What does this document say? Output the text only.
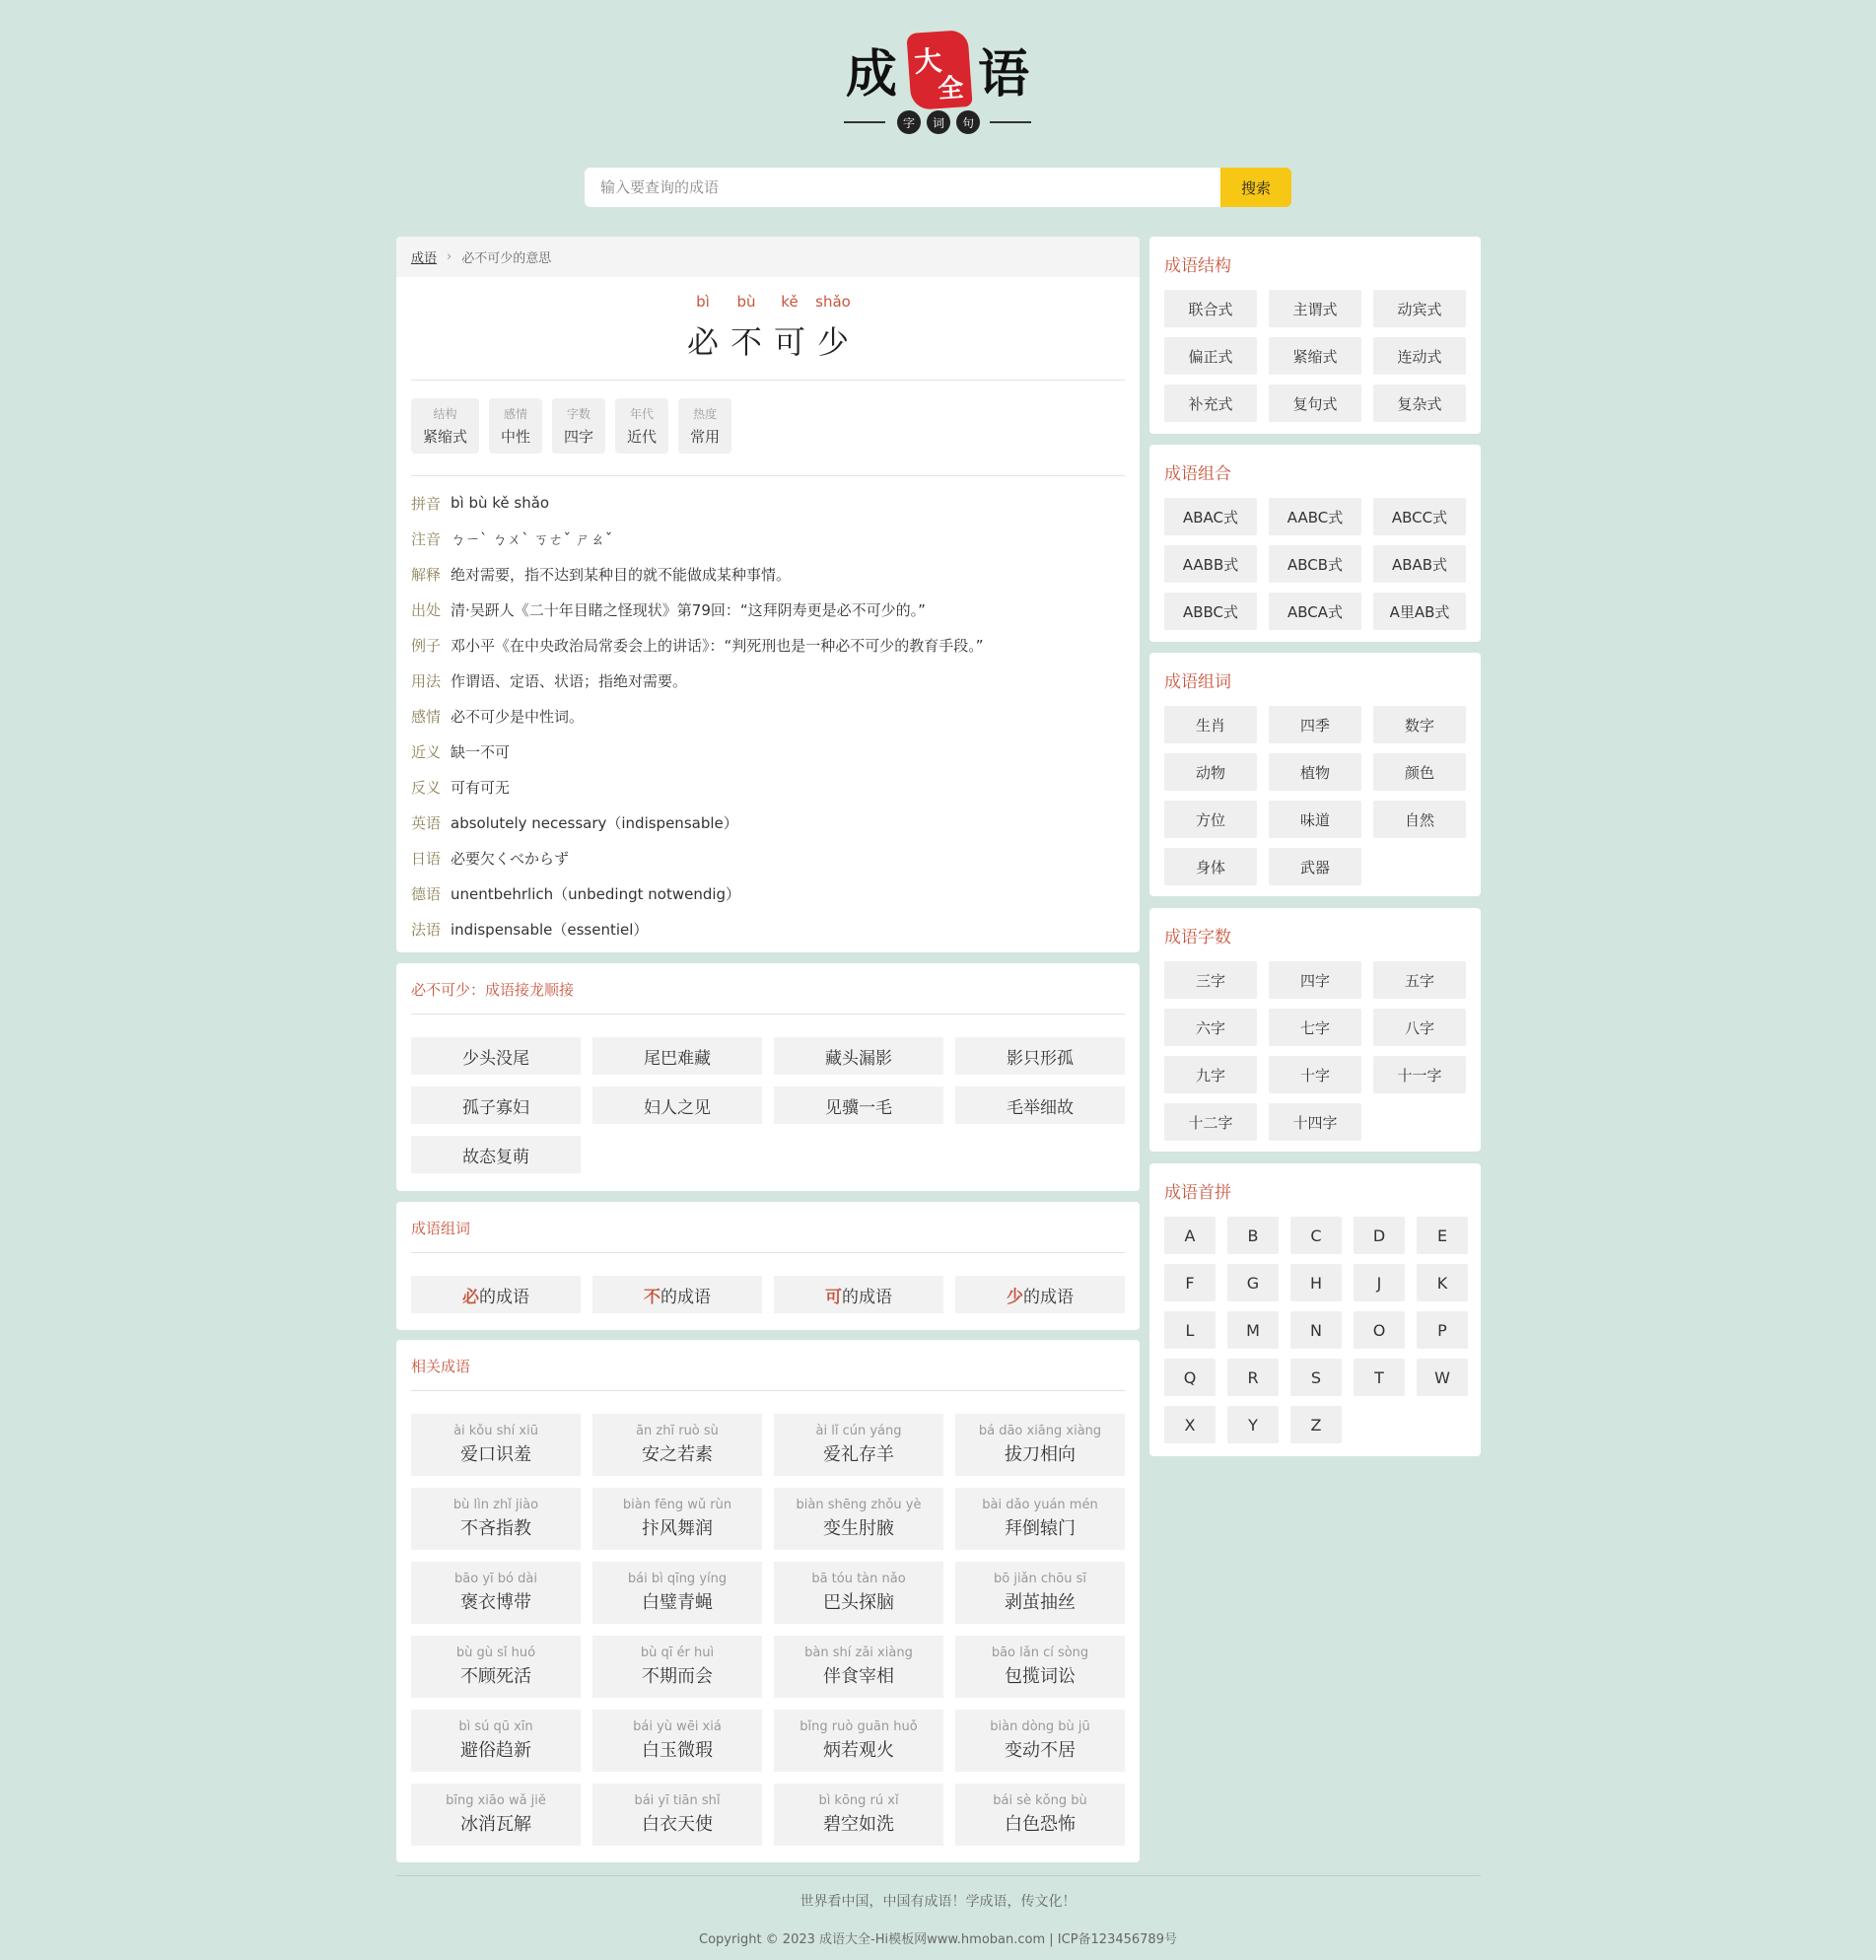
成 大
全 语
字	词	句
输入要查询的成语
搜索
成语 › 必不可少的意思
bì	bù	kě	shǎo
必 不 可 少
结构
紧缩式
感情
中性
字数
四字
年代
近代
热度
常用
拼音 bì bù kě shǎo
注音 ㄅㄧˋ ㄅㄨˋ ㄎㄜˇ ㄕㄠˇ
解释 绝对需要，指不达到某种目的就不能做成某种事情。
出处 清·吴趼人《二十年目睹之怪现状》第79回：“这拜阴寿更是必不可少的。”
例子 邓小平《在中央政治局常委会上的讲话》：“判死刑也是一种必不可少的教育手段。”
用法 作谓语、定语、状语；指绝对需要。
感情 必不可少是中性词。
近义 缺一不可
反义 可有可无
英语 absolutely necessary（indispensable）
日语 必要欠くべからず
德语 unentbehrlich（unbedingt notwendig）
法语 indispensable（essentiel）
必不可少：成语接龙顺接
少头没尾	尾巴难藏	藏头漏影	影只形孤
孤子寡妇	妇人之见	见骥一毛	毛举细故
故态复萌
成语组词
必 的成语	不 的成语	可 的成语	少 的成语
相关成语
ài kǒu shí xiū
爱口识羞
ān zhī ruò sù
安之若素
ài lǐ cún yáng
爱礼存羊
bá dāo xiāng xiàng
拔刀相向
bù lìn zhǐ jiào
不吝指教
biàn fēng wǔ rùn
抃风舞润
biàn shēng zhǒu yè
变生肘腋
bài dǎo yuán mén
拜倒辕门
bāo yī bó dài
褒衣博带
bái bì qīng yíng
白璧青蝇
bā tóu tàn nǎo
巴头探脑
bō jiǎn chōu sī
剥茧抽丝
bù gù sǐ huó
不顾死活
bù qī ér huì
不期而会
bàn shí zǎi xiàng
伴食宰相
bāo lǎn cí sòng
包揽词讼
bì sú qū xīn
避俗趋新
bái yù wēi xiá
白玉微瑕
bǐng ruò guān huǒ
炳若观火
biàn dòng bù jū
变动不居
bīng xiāo wǎ jiě
冰消瓦解
bái yī tiān shǐ
白衣天使
bì kōng rú xǐ
碧空如洗
bái sè kǒng bù
白色恐怖
成语结构
联合式	主谓式	动宾式
偏正式	紧缩式	连动式
补充式	复句式	复杂式
成语组合
ABAC式	AABC式	ABCC式
AABB式	ABCB式	ABAB式
ABBC式	ABCA式	A里AB式
成语组词
生肖	四季	数字
动物	植物	颜色
方位	味道	自然
身体	武器
成语字数
三字	四字	五字
六字	七字	八字
九字	十字	十一字
十二字	十四字
成语首拼
A	B	C	D	E
F	G	H	J	K
L	M	N	O	P
Q	R	S	T	W
X	Y	Z
世界看中国，中国有成语！学成语，传文化！
Copyright © 2023 成语大全-Hi模板网www.hmoban.com | ICP备123456789号
